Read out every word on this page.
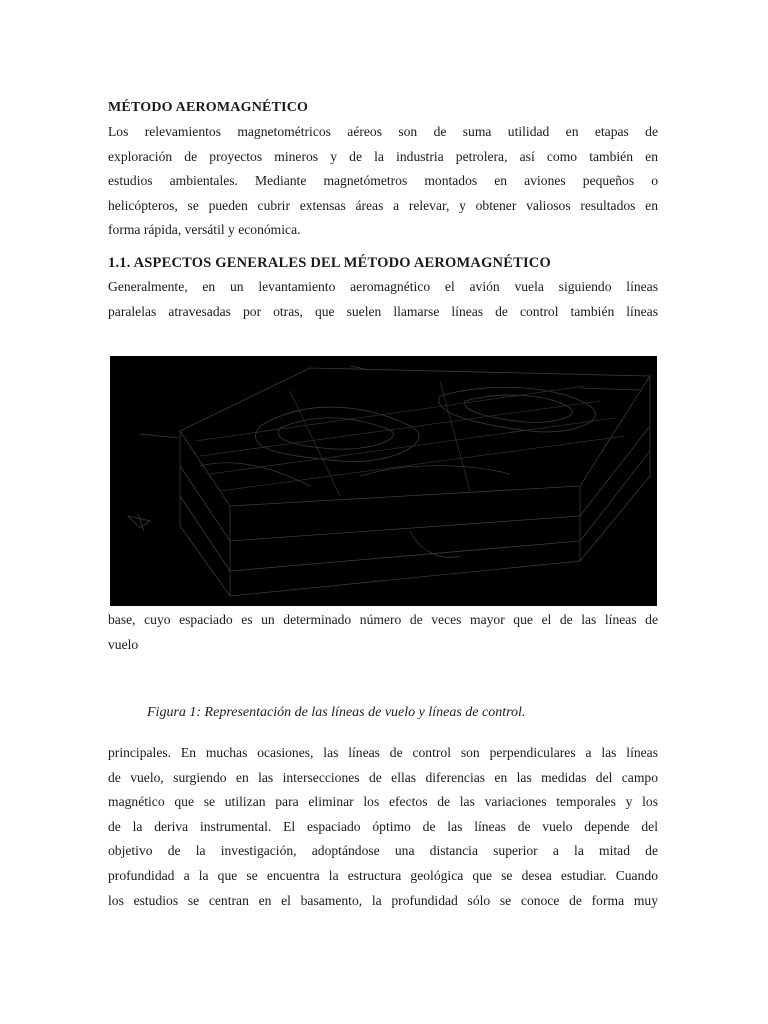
MÉTODO AEROMAGNÉTICO

Los relevamientos magnetométricos aéreos son de suma utilidad en etapas de
exploración de proyectos mineros y de la industria petrolera, así como también en
estudios ambientales. Mediante magnetómetros montados en aviones pequeños o
helicópteros, se pueden cubrir extensas áreas a relevar, y obtener valiosos resultados en
forma rápida, versátil y económica.

1.1. ASPECTOS GENERALES DEL MÉTODO AEROMAGNÉTICO

Generalmente, en un levantamiento aeromagnético el avión vuela siguiendo líneas
paralelas atravesadas por otras, que suelen llamarse líneas de control también líneas

base, cuyo espaciado es un determinado número de veces mayor que el de las líneas de
vuelo

Figura 1: Representación de las líneas de vuelo y líneas de control.

principales. En muchas ocasiones, las líneas de control son perpendiculares a las líneas
de vuelo, surgiendo en las intersecciones de ellas diferencias en las medidas del campo
magnético que se utilizan para eliminar los efectos de las variaciones temporales y los
de la deriva instrumental. El espaciado óptimo de las líneas de vuelo depende del
objetivo de la investigación, adoptándose una distancia superior a la mitad de
profundidad a la que se encuentra la estructura geológica que se desea estudiar. Cuando
los estudios se centran en el basamento, la profundidad sólo se conoce de forma muy
